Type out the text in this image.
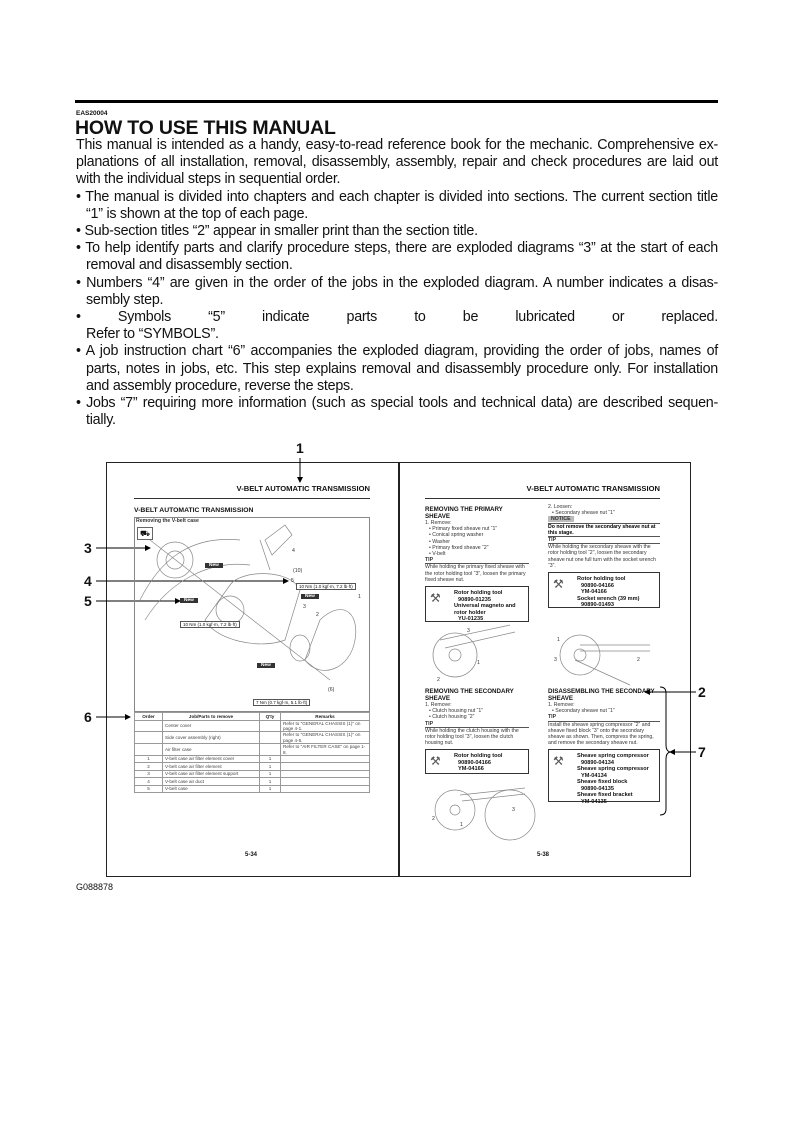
EAS20004
HOW TO USE THIS MANUAL
This manual is intended as a handy, easy-to-read reference book for the mechanic. Comprehensive ex-
planations of all installation, removal, disassembly, assembly, repair and check procedures are laid out
with the individual steps in sequential order.
• The manual is divided into chapters and each chapter is divided into sections. The current section title
“1” is shown at the top of each page.
• Sub-section titles “2” appear in smaller print than the section title.
• To help identify parts and clarify procedure steps, there are exploded diagrams “3” at the start of each
removal and disassembly section.
• Numbers “4” are given in the order of the jobs in the exploded diagram. A number indicates a disas-
sembly step.
• Symbols “5” indicate parts to be lubricated or replaced.
Refer to “SYMBOLS”.
• A job instruction chart “6” accompanies the exploded diagram, providing the order of jobs, names of
parts, notes in jobs, etc. This step explains removal and disassembly procedure only. For installation
and assembly procedure, reverse the steps.
• Jobs “7” requiring more information (such as special tools and technical data) are described sequen-
tially.
1
2
3
4
5
6
7
V-BELT AUTOMATIC TRANSMISSION
V-BELT AUTOMATIC TRANSMISSION
Removing the V-belt case
⛟
New
New
New
New
10 Nm (1.0 kgf·m, 7.2 lb·ft)
10 Nm (1.0 kgf·m, 7.2 lb·ft)
7 Nm (0.7 kgf·m, 5.1 lb·ft)
1
2
3
4
5
(10)
(6)
Order	Job/Parts to remove	Q'ty	Remarks
	Center cover		Refer to "GENERAL CHASSIS (1)" on page 4-1.
	Side cover assembly (right)		Refer to "GENERAL CHASSIS (1)" on page 4-5.
	Air filter case		Refer to "AIR FILTER CASE" on page 1-8.
1	V-belt case air filter element cover	1	
2	V-belt case air filter element	1	
3	V-belt case air filter element support	1	
4	V-belt case air duct	1	
5	V-belt case	1	
5-34
V-BELT AUTOMATIC TRANSMISSION
REMOVING THE PRIMARY SHEAVE
1. Remove:
• Primary fixed sheave nut “1”
• Conical spring washer
• Washer
• Primary fixed sheave “2”
• V-belt
TIP
While holding the primary fixed sheave with the rotor holding tool “3”, loosen the primary fixed sheave nut.
⚒ Rotor holding tool
90890-01235
Universal magneto and rotor holder
YU-01235
2. Loosen:
• Secondary sheave nut “1”
NOTICE
Do not remove the secondary sheave nut at this stage.
TIP
While holding the secondary sheave with the rotor holding tool “2”, loosen the secondary sheave nut one full turn with the socket wrench “3”.
⚒ Rotor holding tool
90890-04166
YM-04166
Socket wrench (39 mm)
90890-01493
REMOVING THE SECONDARY SHEAVE
1. Remove:
• Clutch housing nut “1”
• Clutch housing “2”
TIP
While holding the clutch housing with the rotor holding tool “3”, loosen the clutch housing nut.
⚒ Rotor holding tool
90890-04166
YM-04166
DISASSEMBLING THE SECONDARY SHEAVE
1. Remove:
• Secondary sheave nut “1”
TIP
Install the sheave spring compressor “2” and sheave fixed block “3” onto the secondary sheave as shown. Then, compress the spring, and remove the secondary sheave nut.
⚒ Sheave spring compressor
90890-04134
Sheave spring compressor
YM-04134
Sheave fixed block
90890-04135
Sheave fixed bracket
YM-04135
3
1
2
1
3	2
2
1
3
5-38
G088878
